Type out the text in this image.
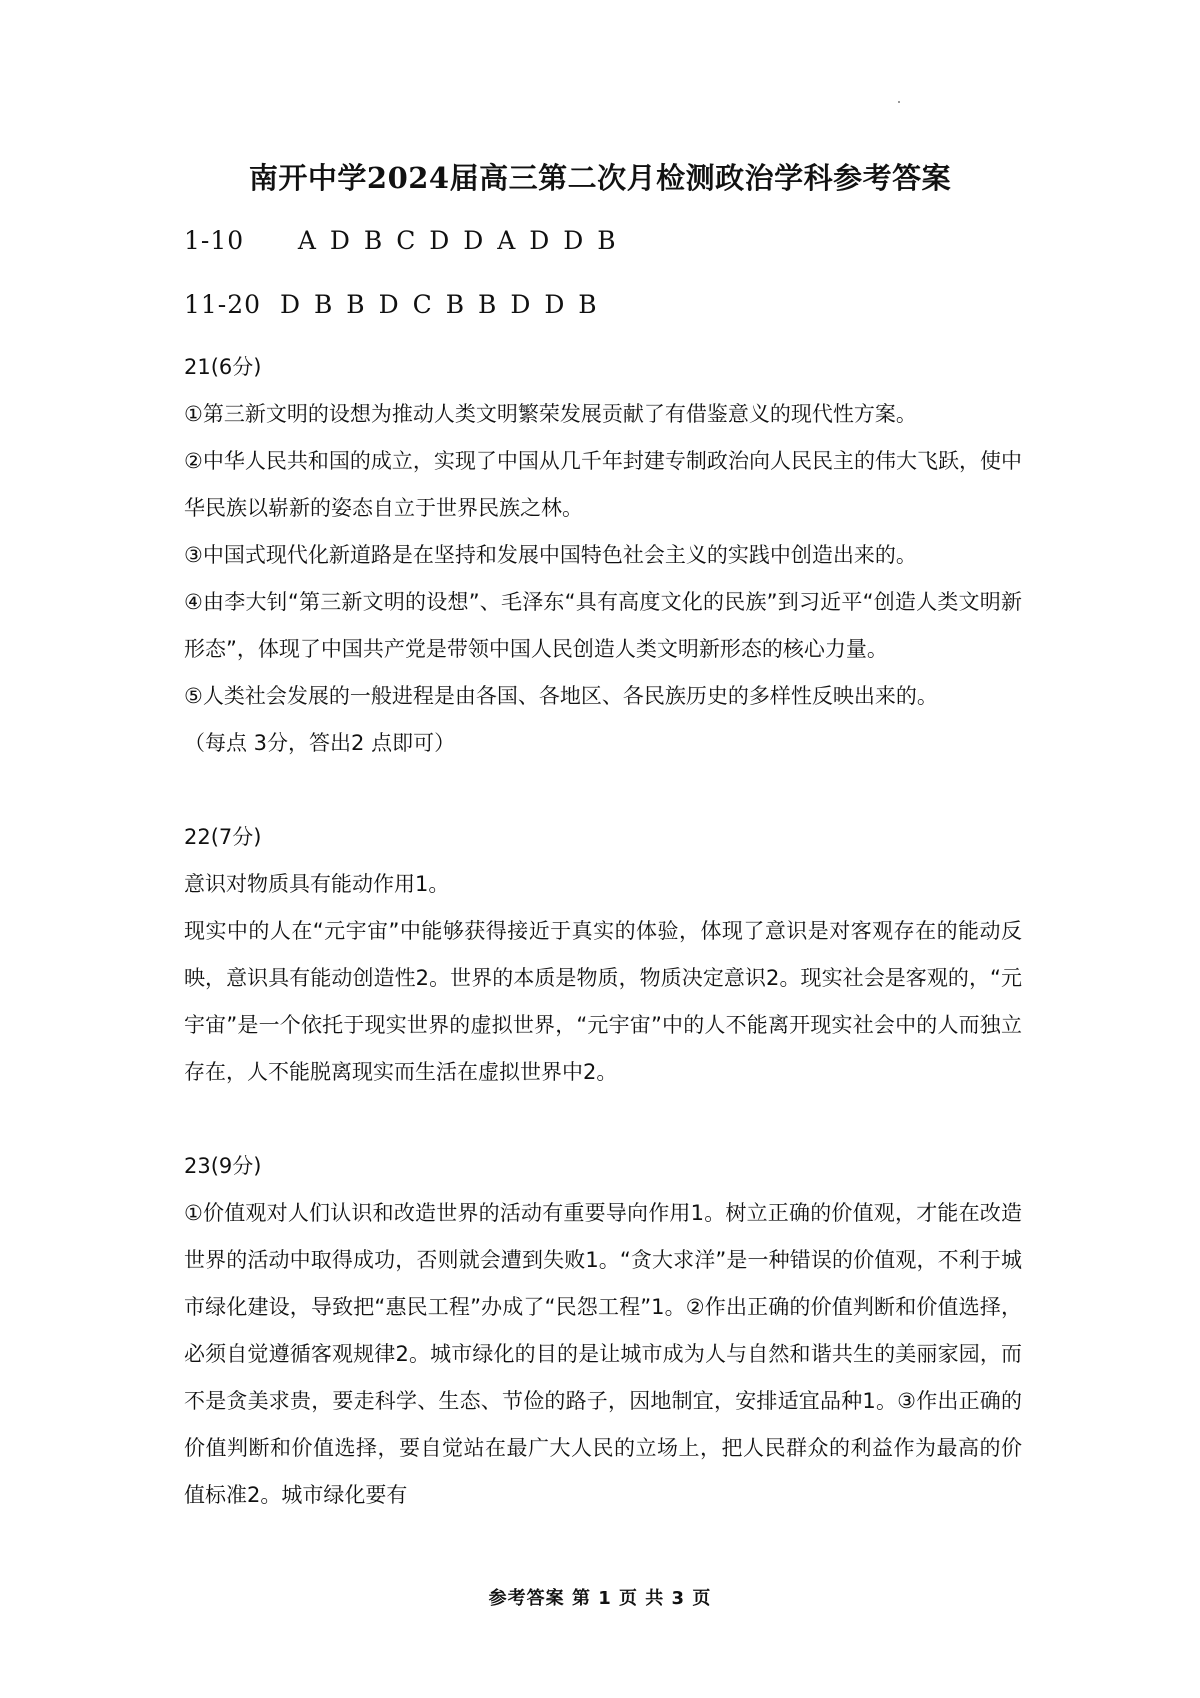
南开中学2024届高三第二次月检测政治学科参考答案
1-10 A D B C D D A D D B
11-20 D B B D C B B D D B
21(6分)
①第三新文明的设想为推动人类文明繁荣发展贡献了有借鉴意义的现代性方案。
②中华人民共和国的成立，实现了中国从几千年封建专制政治向人民民主的伟大飞跃，使中华民族以崭新的姿态自立于世界民族之林。
③中国式现代化新道路是在坚持和发展中国特色社会主义的实践中创造出来的。
④由李大钊“第三新文明的设想”、毛泽东“具有高度文化的民族”到习近平“创造人类文明新形态”，体现了中国共产党是带领中国人民创造人类文明新形态的核心力量。
⑤人类社会发展的一般进程是由各国、各地区、各民族历史的多样性反映出来的。
（每点 3分，答出2 点即可）
22(7分)
意识对物质具有能动作用1。
现实中的人在“元宇宙”中能够获得接近于真实的体验，体现了意识是对客观存在的能动反映，意识具有能动创造性2。世界的本质是物质，物质决定意识2。现实社会是客观的，“元宇宙”是一个依托于现实世界的虚拟世界，“元宇宙”中的人不能离开现实社会中的人而独立存在，人不能脱离现实而生活在虚拟世界中2。
23(9分)
①价值观对人们认识和改造世界的活动有重要导向作用1。树立正确的价值观，才能在改造世界的活动中取得成功，否则就会遭到失败1。“贪大求洋”是一种错误的价值观，不利于城市绿化建设，导致把“惠民工程”办成了“民怨工程”1。②作出正确的价值判断和价值选择，必须自觉遵循客观规律2。城市绿化的目的是让城市成为人与自然和谐共生的美丽家园，而不是贪美求贵，要走科学、生态、节俭的路子，因地制宜，安排适宜品种1。③作出正确的价值判断和价值选择，要自觉站在最广大人民的立场上，把人民群众的利益作为最高的价值标准2。城市绿化要有
参考答案 第 1 页 共 3 页
